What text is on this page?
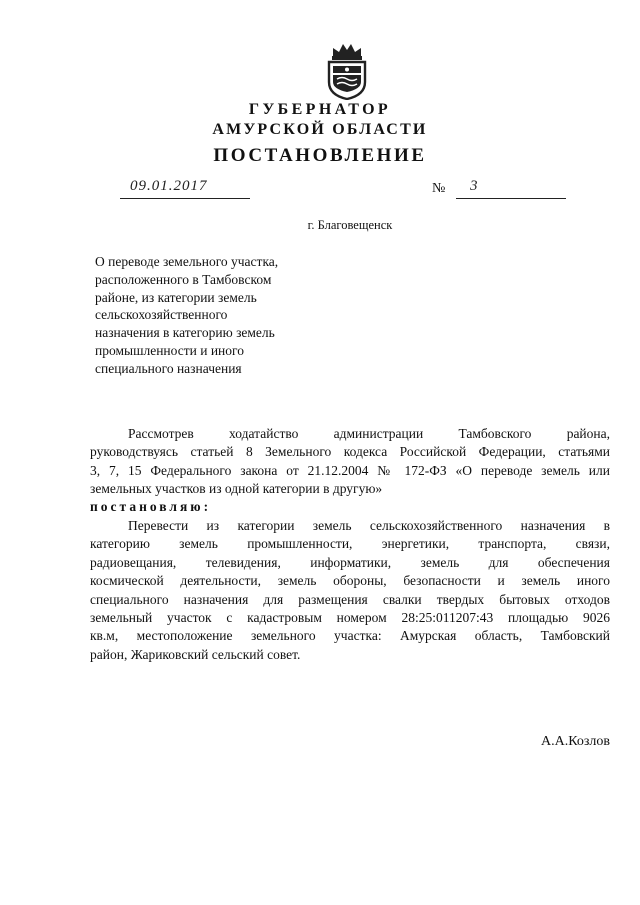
ГУБЕРНАТОР
АМУРСКОЙ ОБЛАСТИ
ПОСТАНОВЛЕНИЕ
09.01.2017	№ 3
г. Благовещенск
О переводе земельного участка,
расположенного в Тамбовском
районе, из категории земель
сельскохозяйственного
назначения в категорию земель
промышленности и иного
специального назначения
Рассмотрев ходатайство администрации Тамбовского района,
руководствуясь статьей 8 Земельного кодекса Российской Федерации, статьями
3, 7, 15 Федерального закона от 21.12.2004 № 172-ФЗ «О переводе земель или
земельных участков из одной категории в другую»
постановляю:
Перевести из категории земель сельскохозяйственного назначения в
категорию земель промышленности, энергетики, транспорта, связи,
радиовещания, телевидения, информатики, земель для обеспечения
космической деятельности, земель обороны, безопасности и земель иного
специального назначения для размещения свалки твердых бытовых отходов
земельный участок с кадастровым номером 28:25:011207:43 площадью 9026
кв.м, местоположение земельного участка: Амурская область, Тамбовский
район, Жариковский сельский совет.
А.А.Козлов
